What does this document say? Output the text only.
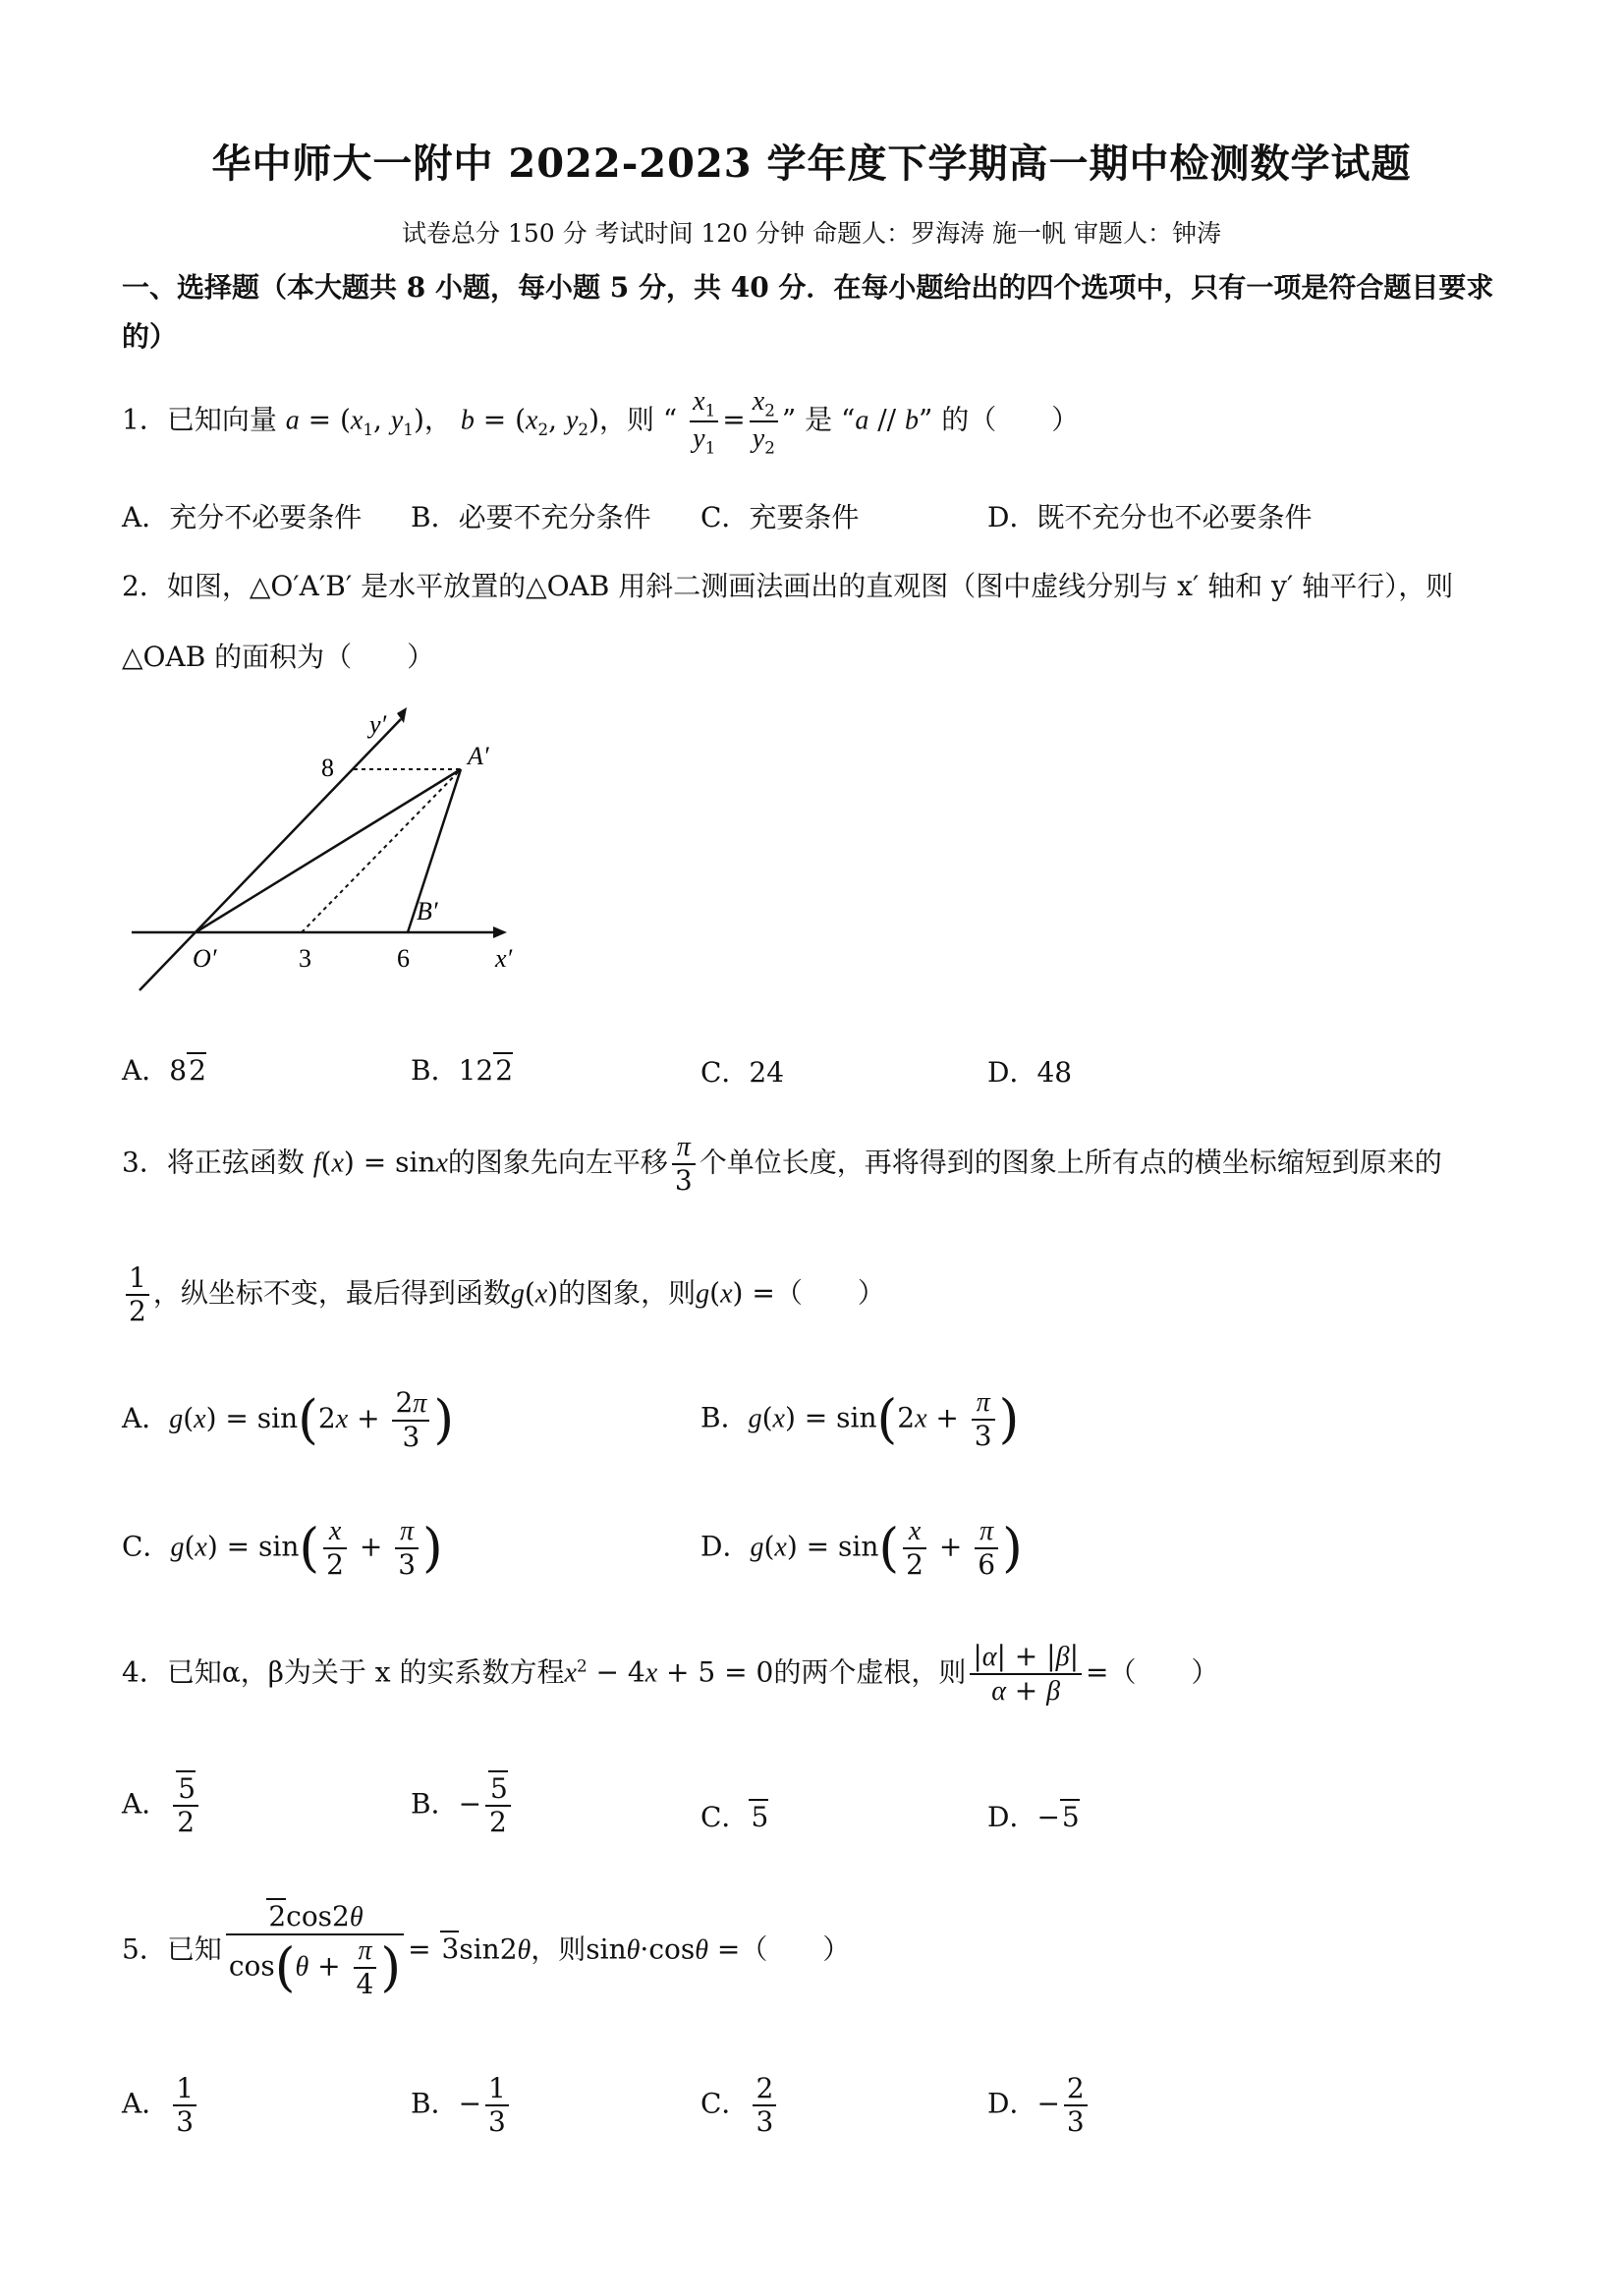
华中师大一附中 2022-2023 学年度下学期高一期中检测数学试题
试卷总分 150 分 考试时间 120 分钟 命题人：罗海涛 施一帆 审题人：钟涛
一、选择题（本大题共 8 小题，每小题 5 分，共 40 分．在每小题给出的四个选项中，只有一项是符合题目要求的）
1．已知向量 $a = (x_1$, $y_1$)， $b = (x_2$, $y_2$)，则 “ $\frac{x_1}{y_1} = \frac{x_2}{y_2}$ ” 是 “a // b” 的（　　）
A．充分不必要条件 B．必要不充分条件 C．充要条件	D．既不充分也不必要条件
2．如图，△O′A′B′ 是水平放置的△OAB 用斜二测画法画出的直观图（图中虚线分别与 x′ 轴和 y′ 轴平行），则
△OAB 的面积为（　　）
y′
A′
B′
O′	x′
8
3	6
A．82	B．122	C．24	D．48
3．将正弦函数 f(x) = sinx的图象先向左平移 $\frac{\pi}{3}$ 个单位长度，再将得到的图象上所有点的横坐标缩短到原来的
$\frac{1}{2}$ ，纵坐标不变，最后得到函数g(x)的图象，则g(x) =（　　）
A．$g(x) = \sin(2x + \frac{2\pi}{3}$ )	B．$g(x) = \sin(2x + \frac{\pi}{3}$ )
C．$g(x) = \sin( \frac{x}{2} + \frac{\pi}{3}$ )	D．$g(x) = \sin( \frac{x}{2} + \frac{\pi}{6}$ )
4．已知α，β为关于 x 的实系数方程$x^2 - 4x + 5 = 0$的两个虚根，则 $\frac{|\alpha| + |\beta|}{\alpha + \beta}$ =（　　）
A． $\frac{5}{2}$	B．− $\frac{5}{2}$	C．5	D．−5
5．已知 $\frac{2\cos 2\theta}{\cos(\theta + \frac{\pi}{4} )} = 3\sin 2\theta$，则sinθ·cosθ =（　　）
A． $\frac{1}{3}$	B．− $\frac{1}{3}$	C． $\frac{2}{3}$	D．− $\frac{2}{3}$
